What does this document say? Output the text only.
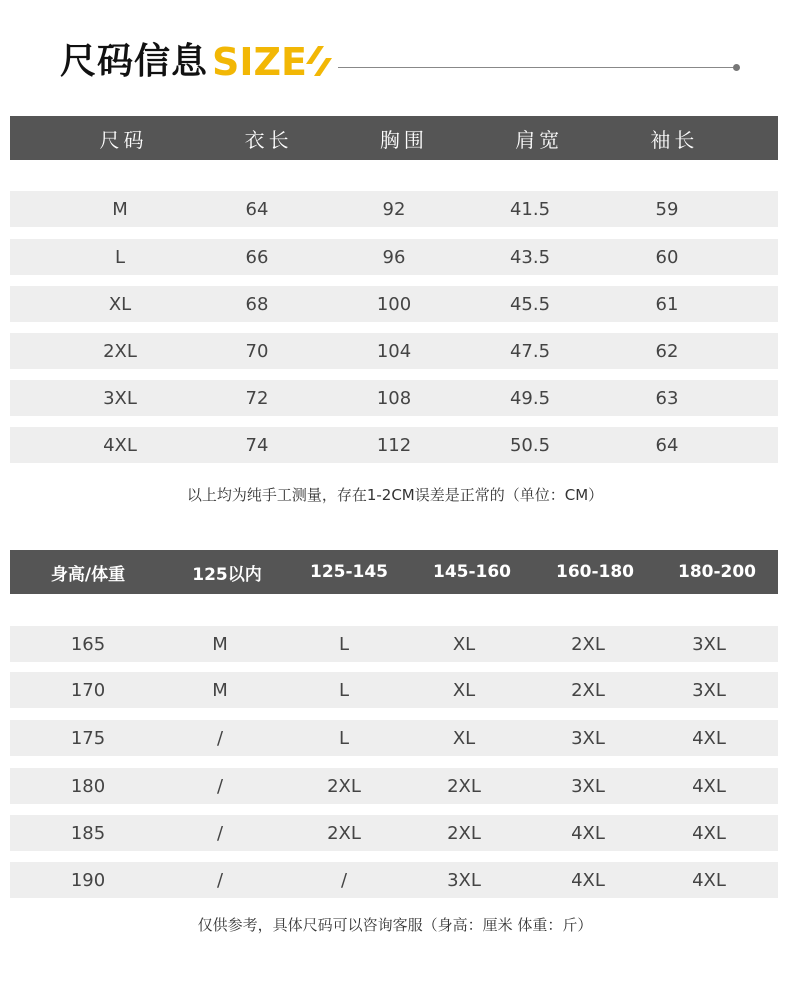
尺码信息 SIZE
尺码	衣长	胸围	肩宽	袖长
M	64	92	41.5	59
L	66	96	43.5	60
XL	68	100	45.5	61
2XL	70	104	47.5	62
3XL	72	108	49.5	63
4XL	74	112	50.5	64
以上均为纯手工测量，存在1-2CM误差是正常的（单位：CM）
身高/体重	125以内	125-145	145-160	160-180	180-200
165	M	L	XL	2XL	3XL
170	M	L	XL	2XL	3XL
175	/	L	XL	3XL	4XL
180	/	2XL	2XL	3XL	4XL
185	/	2XL	2XL	4XL	4XL
190	/	/	3XL	4XL	4XL
仅供参考，具体尺码可以咨询客服（身高：厘米 体重：斤）
